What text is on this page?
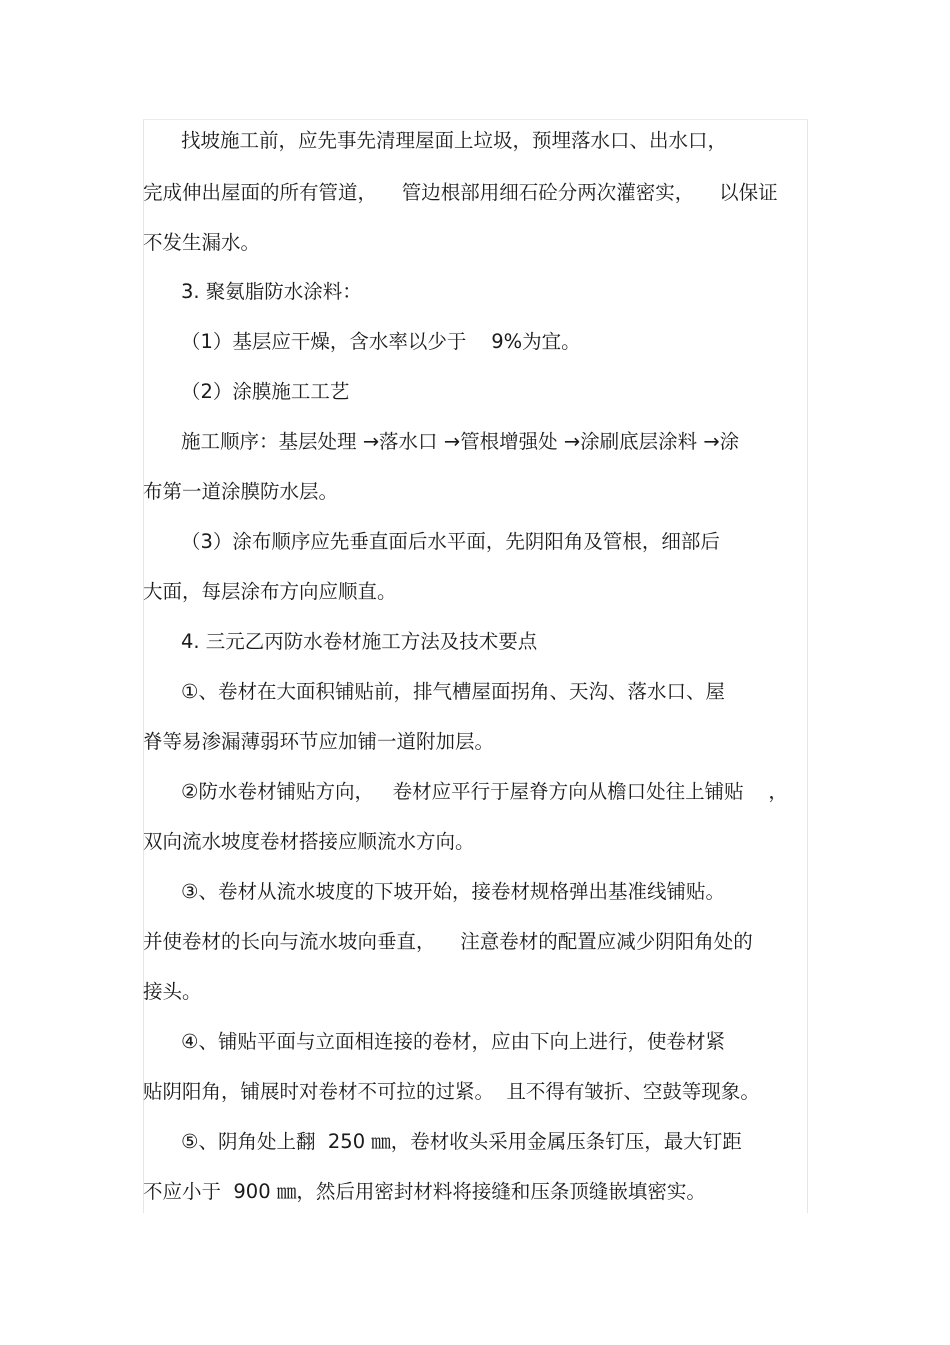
找坡施工前，应先事先清理屋面上垃圾，预埋落水口、出水口，

完成伸出屋面的所有管道，    管边根部用细石砼分两次灌密实，    以保证

不发生漏水。

3. 聚氨脂防水涂料：

（1）基层应干燥，含水率以少于    9%为宜。

（2）涂膜施工工艺

施工顺序：基层处理 →落水口 →管根增强处 →涂刷底层涂料 →涂

布第一道涂膜防水层。

（3）涂布顺序应先垂直面后水平面，先阴阳角及管根，细部后

大面，每层涂布方向应顺直。

4. 三元乙丙防水卷材施工方法及技术要点

①、卷材在大面积铺贴前，排气槽屋面拐角、天沟、落水口、屋

脊等易渗漏薄弱环节应加铺一道附加层。

②防水卷材铺贴方向，   卷材应平行于屋脊方向从檐口处往上铺贴    ，

双向流水坡度卷材搭接应顺流水方向。

③、卷材从流水坡度的下坡开始，接卷材规格弹出基准线铺贴。

并使卷材的长向与流水坡向垂直，    注意卷材的配置应减少阴阳角处的

接头。

④、铺贴平面与立面相连接的卷材，应由下向上进行，使卷材紧

贴阴阳角，铺展时对卷材不可拉的过紧。  且不得有皱折、空鼓等现象。

⑤、阴角处上翻  250 ㎜，卷材收头采用金属压条钉压，最大钉距

不应小于  900 ㎜，然后用密封材料将接缝和压条顶缝嵌填密实。
